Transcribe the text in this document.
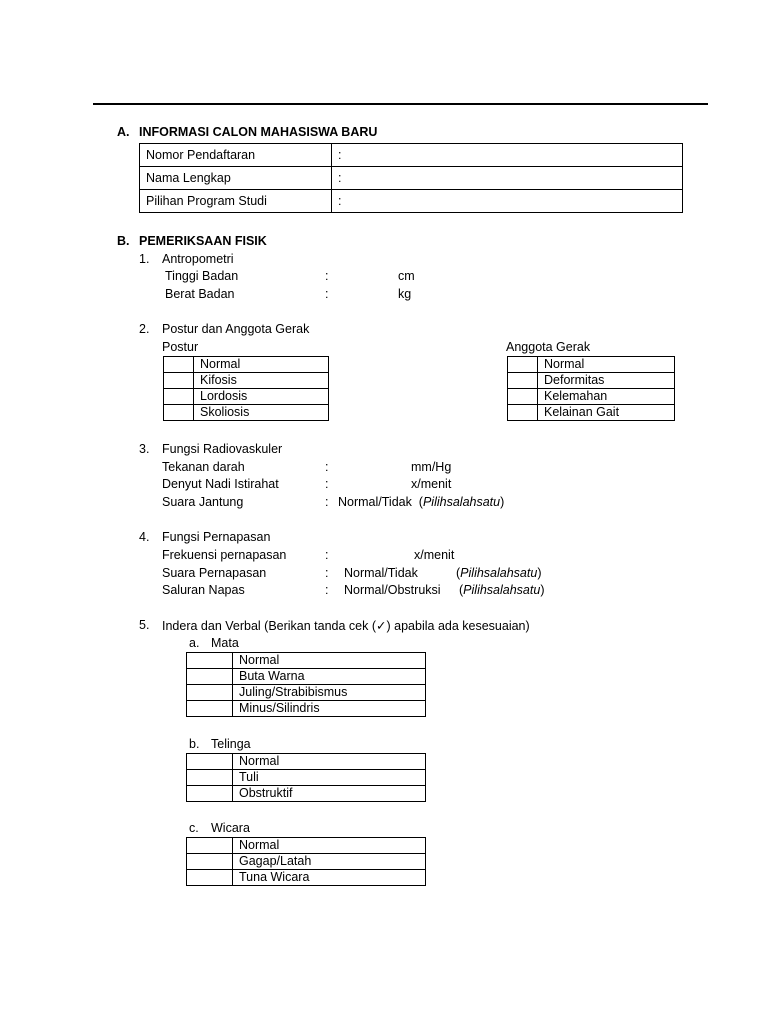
A. INFORMASI CALON MAHASISWA BARU
Nomor Pendaftaran	:
Nama Lengkap	:
Pilihan Program Studi	:
B. PEMERIKSAAN FISIK
1. Antropometri
Tinggi Badan	:	cm
Berat Badan	:	kg
2. Postur dan Anggota Gerak
Postur
	Normal
	Kifosis
	Lordosis
	Skoliosis
Anggota Gerak
	Normal
	Deformitas
	Kelemahan
	Kelainan Gait
3. Fungsi Radiovaskuler
Tekanan darah	:	mm/Hg
Denyut Nadi Istirahat	:	x/menit
Suara Jantung	: Normal/Tidak  (Pilihsalahsatu)
4. Fungsi Pernapasan
Frekuensi pernapasan	:	x/menit
Suara Pernapasan	: Normal/Tidak	(Pilihsalahsatu)
Saluran Napas	: Normal/Obstruksi (Pilihsalahsatu)
5. Indera dan Verbal (Berikan tanda cek (✓) apabila ada kesesuaian)
a. Mata
	Normal
	Buta Warna
	Juling/Strabibismus
	Minus/Silindris
b. Telinga
	Normal
	Tuli
	Obstruktif
c. Wicara
	Normal
	Gagap/Latah
	Tuna Wicara
